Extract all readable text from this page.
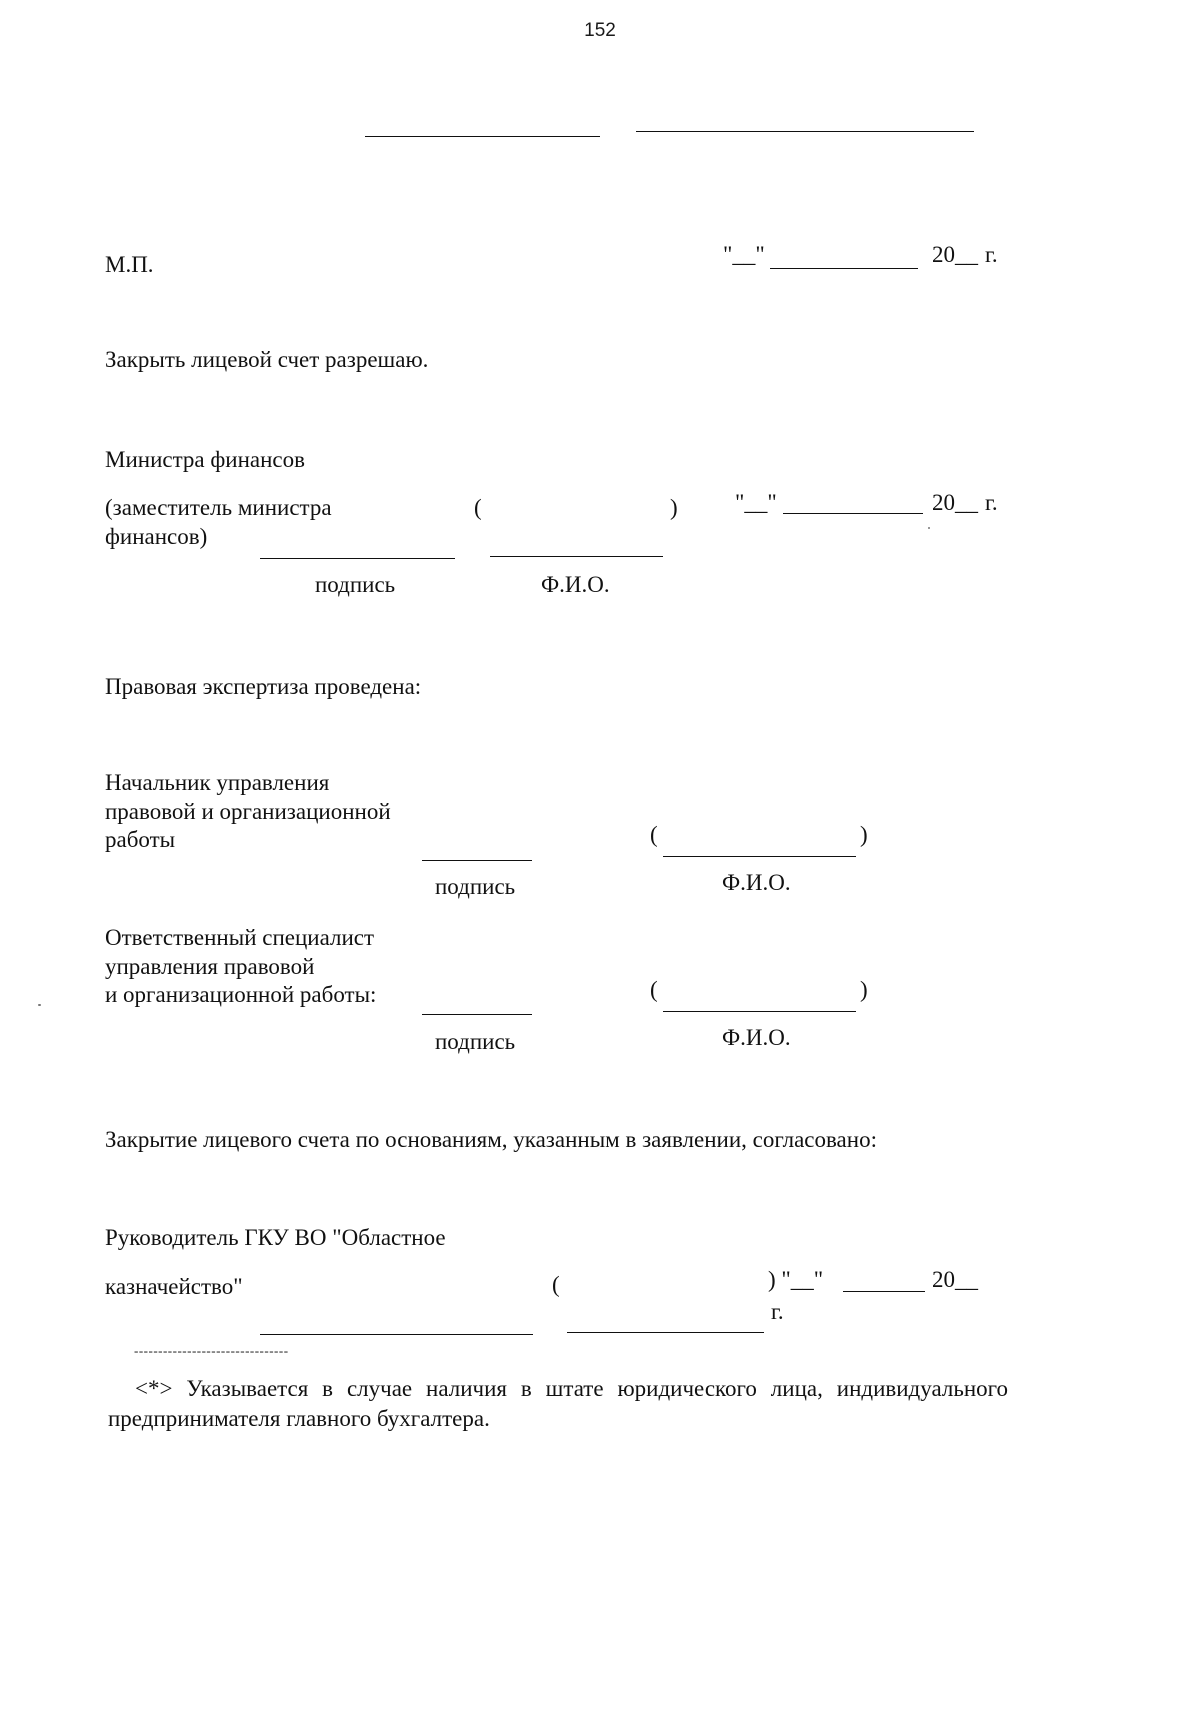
152
М.П.	"__"	20__ г.
Закрыть лицевой счет разрешаю.
Министра финансов
(заместитель министра
финансов)
(	) "__"	20__ г.
подпись	Ф.И.О.
Правовая экспертиза проведена:
Начальник управления
правовой и организационной
работы	(	)
подпись	Ф.И.О.
Ответственный специалист
управления правовой
и организационной работы:	(	)
подпись	Ф.И.О.
Закрытие лицевого счета по основаниям, указанным в заявлении, согласовано:
Руководитель ГКУ ВО "Областное
казначейство"	(	) "__"	20__
г.
--------------------------------
<*> Указывается в случае наличия в штате юридического лица, индивидуального предпринимателя главного бухгалтера.
